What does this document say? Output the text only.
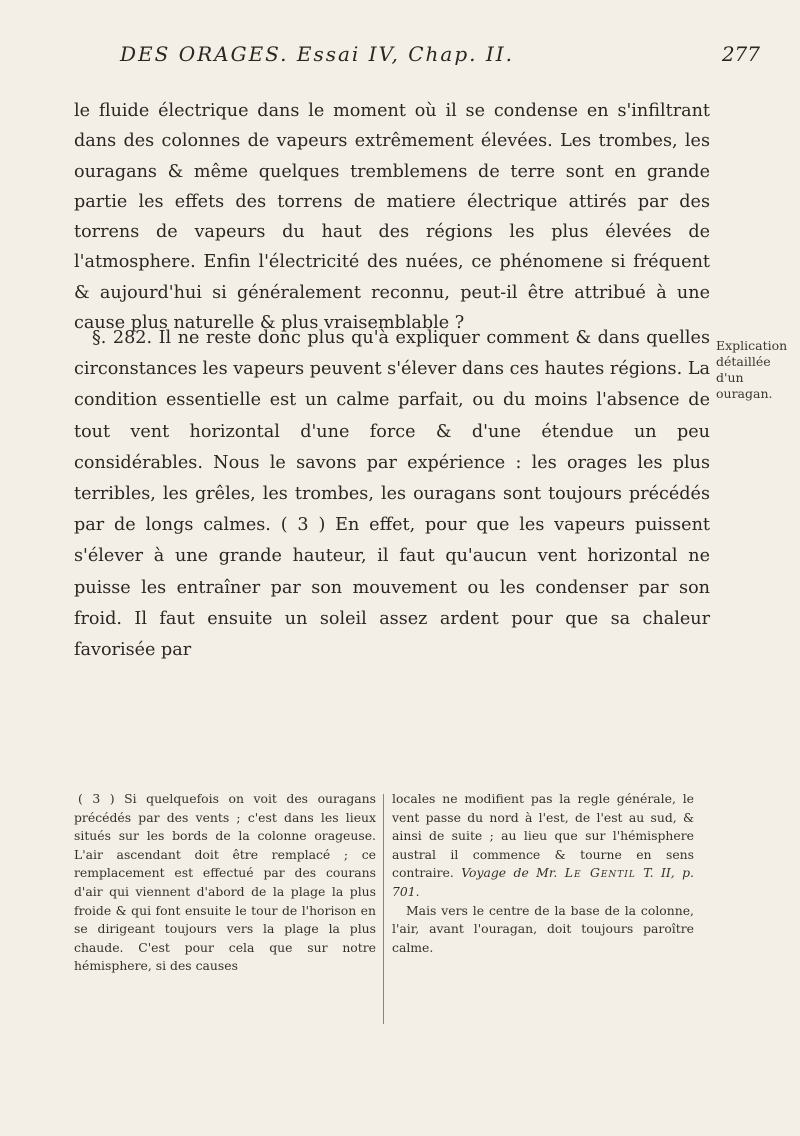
DES ORAGES. Essai IV, Chap. II.	277

le fluide électrique dans le moment où il se condense en s'infiltrant dans des colonnes de vapeurs extrêmement élevées. Les trombes, les ouragans & même quelques tremblemens de terre sont en grande partie les effets des torrens de matiere électrique attirés par des torrens de vapeurs du haut des régions les plus élevées de l'atmosphere. Enfin l'électricité des nuées, ce phénomene si fréquent & aujourd'hui si généralement reconnu, peut-il être attribué à une cause plus naturelle & plus vraisemblable ?

§. 282. Il ne reste donc plus qu'à expliquer comment & dans quelles circonstances les vapeurs peuvent s'élever dans ces hautes régions. La condition essentielle est un calme parfait, ou du moins l'absence de tout vent horizontal d'une force & d'une étendue un peu considérables. Nous le savons par expérience : les orages les plus terribles, les grêles, les trombes, les ouragans sont toujours précédés par de longs calmes. ( 3 ) En effet, pour que les vapeurs puissent s'élever à une grande hauteur, il faut qu'aucun vent horizontal ne puisse les entraîner par son mouvement ou les condenser par son froid. Il faut ensuite un soleil assez ardent pour que sa chaleur favorisée par

Explication détaillée d'un ouragan.
( 3 ) Si quelquefois on voit des ouragans précédés par des vents ; c'est dans les lieux situés sur les bords de la colonne orageuse. L'air ascendant doit être remplacé ; ce remplacement est effectué par des courans d'air qui viennent d'abord de la plage la plus froide & qui font ensuite le tour de l'horison en se dirigeant toujours vers la plage la plus chaude. C'est pour cela que sur notre hémisphere, si des causes
locales ne modifient pas la regle générale, le vent passe du nord à l'est, de l'est au sud, & ainsi de suite ; au lieu que sur l'hémisphere austral il commence & tourne en sens contraire. Voyage de Mr. Le Gentil T. II, p. 701.
Mais vers le centre de la base de la colonne, l'air, avant l'ouragan, doit toujours paroître calme.
